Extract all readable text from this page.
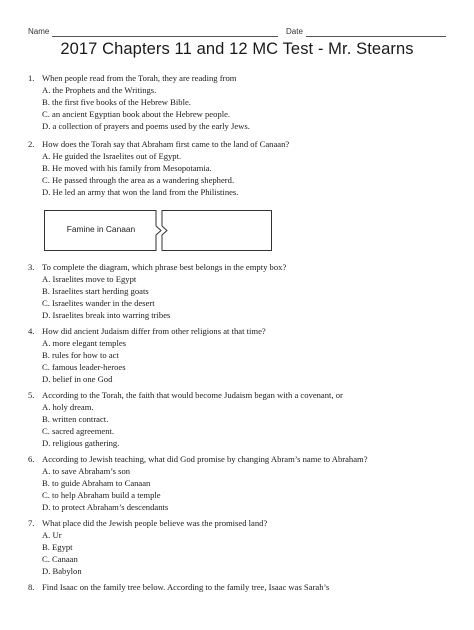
Name	Date
2017 Chapters 11 and 12 MC Test - Mr. Stearns
1. When people read from the Torah, they are reading from
A. the Prophets and the Writings.
B. the first five books of the Hebrew Bible.
C. an ancient Egyptian book about the Hebrew people.
D. a collection of prayers and poems used by the early Jews.
2. How does the Torah say that Abraham first came to the land of Canaan?
A. He guided the Israelites out of Egypt.
B. He moved with his family from Mesopotamia.
C. He passed through the area as a wandering shepherd.
D. He led an army that won the land from the Philistines.
Famine in Canaan
3. To complete the diagram, which phrase best belongs in the empty box?
A. Israelites move to Egypt
B. Israelites start herding goats
C. Israelites wander in the desert
D. Israelites break into warring tribes
4. How did ancient Judaism differ from other religions at that time?
A. more elegant temples
B. rules for how to act
C. famous leader-heroes
D. belief in one God
5. According to the Torah, the faith that would become Judaism began with a covenant, or
A. holy dream.
B. written contract.
C. sacred agreement.
D. religious gathering.
6. According to Jewish teaching, what did God promise by changing Abram’s name to Abraham?
A. to save Abraham’s son
B. to guide Abraham to Canaan
C. to help Abraham build a temple
D. to protect Abraham’s descendants
7. What place did the Jewish people believe was the promised land?
A. Ur
B. Egypt
C. Canaan
D. Babylon
8. Find Isaac on the family tree below. According to the family tree, Isaac was Sarah’s
